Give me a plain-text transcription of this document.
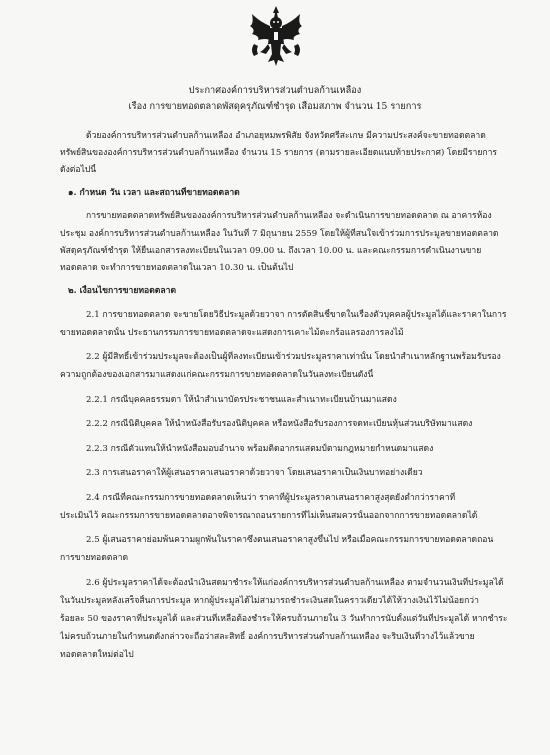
ประกาศองค์การบริหารส่วนตำบลก้านเหลือง
เรื่อง การขายทอดตลาดพัสดุครุภัณฑ์ชำรุด เสื่อมสภาพ จำนวน 15 รายการ
ด้วยองค์การบริหารส่วนตำบลก้านเหลือง อำเภอยุหมพรพิสัย จังหวัดศรีสะเกษ มีความประสงค์จะขายทอดตลาด
ทรัพย์สินขององค์การบริหารส่วนตำบลก้านเหลือง จำนวน 15 รายการ (ตามรายละเอียดแนบท้ายประกาศ) โดยมีรายการ
ดังต่อไปนี้
๑. กำหนด วัน เวลา และสถานที่ขายทอดตลาด
การขายทอดตลาดทรัพย์สินขององค์การบริหารส่วนตำบลก้านเหลือง จะดำเนินการขายทอดตลาด ณ อาคารห้อง
ประชุม องค์การบริหารส่วนตำบลก้านเหลือง ในวันที่ 7 มิถุนายน 2559 โดยให้ผู้ที่สนใจเข้าร่วมการประมูลขายทอดตลาด
พัสดุครุภัณฑ์ชำรุด ให้ยื่นเอกสารลงทะเบียนในเวลา 09.00 น. ถึงเวลา 10.00 น. และคณะกรรมการดำเนินงานขาย
ทอดตลาด จะทำการขายทอดตลาดในเวลา 10.30 น. เป็นต้นไป
๒. เงื่อนไขการขายทอดตลาด
2.1 การขายทอดตลาด จะขายโดยวิธีประมูลด้วยวาจา การตัดสินชี้ขาดในเรื่องตัวบุคคลผู้ประมูลได้และราคาในการ
ขายทอดตลาดนั้น ประธานกรรมการขายทอดตลาดจะแสดงการเคาะไม้ตะกร้อแลรองการลงไม้
2.2 ผู้มีสิทธิ์เข้าร่วมประมูลจะต้องเป็นผู้ที่ลงทะเบียนเข้าร่วมประมูลราคาเท่านั้น โดยนำสำเนาหลักฐานพร้อมรับรอง
ความถูกต้องของเอกสารมาแสดงแก่คณะกรรมการขายทอดตลาดในวันลงทะเบียนดังนี้
2.2.1 กรณีบุคคลธรรมดา ให้นำสำเนาบัตรประชาชนและสำเนาทะเบียนบ้านมาแสดง
2.2.2 กรณีนิติบุคคล ให้นำหนังสือรับรองนิติบุคคล หรือหนังสือรับรองการจดทะเบียนหุ้นส่วนบริษัทมาแสดง
2.2.3 กรณีตัวแทนให้นำหนังสือมอบอำนาจ พร้อมติดอากรแสตมป์ตามกฎหมายกำหนดมาแสดง
2.3 การเสนอราคาให้ผู้เสนอราคาเสนอราคาด้วยวาจา โดยเสนอราคาเป็นเงินบาทอย่างเดียว
2.4 กรณีที่คณะกรรมการขายทอดตลาดเห็นว่า ราคาที่ผู้ประมูลราคาเสนอราคาสูงสุดยังต่ำกว่าราคาที่
ประเมินไว้ คณะกรรมการขายทอดตลาดอาจพิจารณาถอนรายการที่ไม่เห็นสมควรนั้นออกจากการขายทอดตลาดได้
2.5 ผู้เสนอราคาย่อมพ้นความผูกพันในราคาซึ่งตนเสนอราคาสูงขึ้นไป หรือเมื่อคณะกรรมการขายทอดตลาดถอน
การขายทอดตลาด
2.6 ผู้ประมูลราคาได้จะต้องนำเงินสดมาชำระให้แก่องค์การบริหารส่วนตำบลก้านเหลือง ตามจำนวนเงินที่ประมูลได้
ในวันประมูลหลังเสร็จสิ้นการประมูล หากผู้ประมูลได้ไม่สามารถชำระเงินสดในคราวเดียวได้ให้วางเงินไว้ไม่น้อยกว่า
ร้อยละ 50 ของราคาที่ประมูลได้ และส่วนที่เหลือต้องชำระให้ครบถ้วนภายใน 3 วันทำการนับตั้งแต่วันที่ประมูลได้ หากชำระ
ไม่ครบถ้วนภายในกำหนดดังกล่าวจะถือว่าสละสิทธิ์ องค์การบริหารส่วนตำบลก้านเหลือง จะริบเงินที่วางไว้แล้วขาย
ทอดตลาดใหม่ต่อไป
